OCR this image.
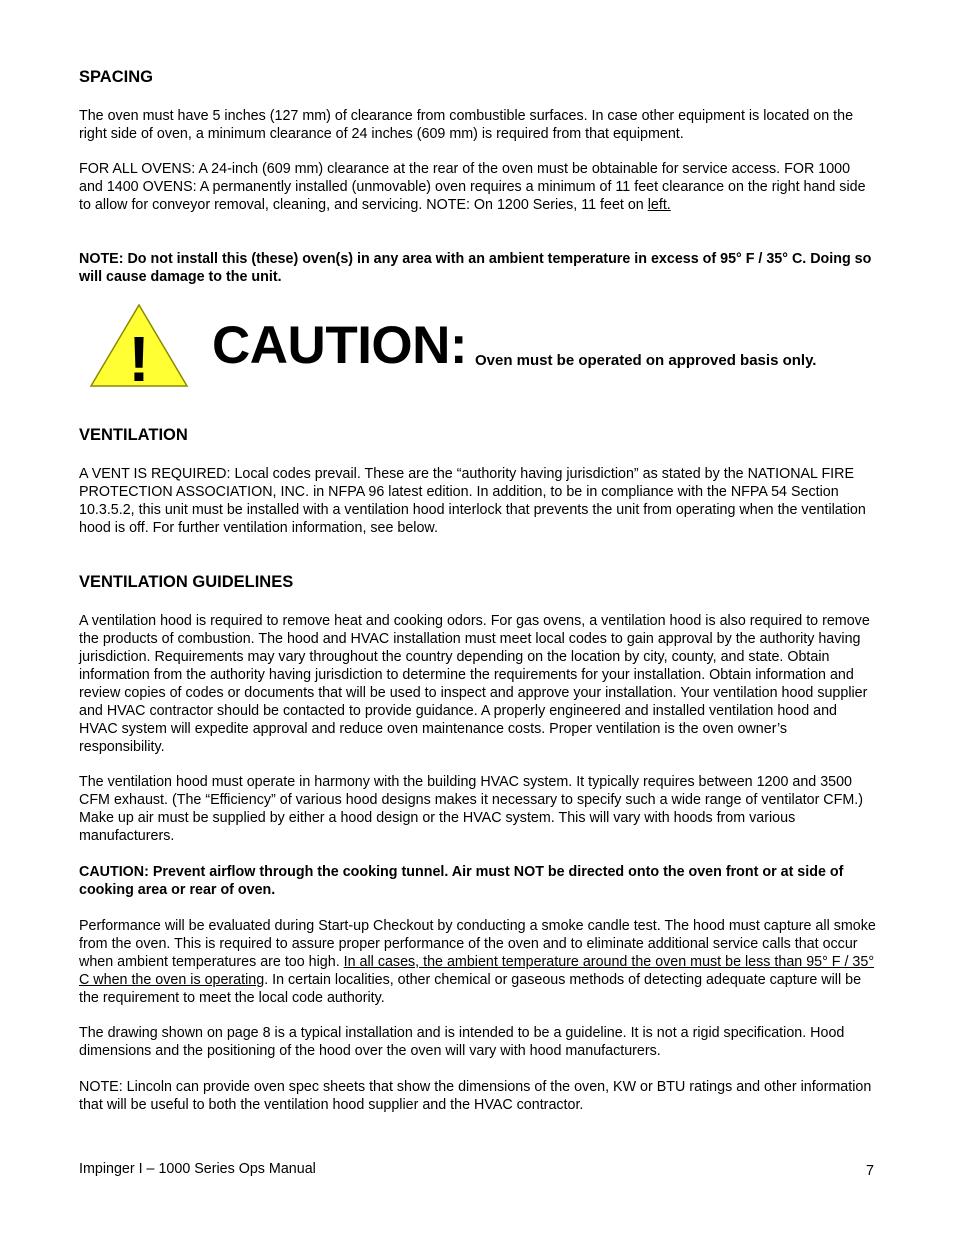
SPACING

The oven must have 5 inches (127 mm) of clearance from combustible surfaces. In case other equipment is located on the right side of oven, a minimum clearance of 24 inches (609 mm) is required from that equipment.

FOR ALL OVENS: A 24-inch (609 mm) clearance at the rear of the oven must be obtainable for service access. FOR 1000 and 1400 OVENS: A permanently installed (unmovable) oven requires a minimum of 11 feet clearance on the right hand side to allow for conveyor removal, cleaning, and servicing. NOTE: On 1200 Series, 11 feet on left.

NOTE: Do not install this (these) oven(s) in any area with an ambient temperature in excess of 95° F / 35° C. Doing so will cause damage to the unit.

! CAUTION: Oven must be operated on approved basis only.
VENTILATION

A VENT IS REQUIRED: Local codes prevail. These are the “authority having jurisdiction” as stated by the NATIONAL FIRE PROTECTION ASSOCIATION, INC. in NFPA 96 latest edition. In addition, to be in compliance with the NFPA 54 Section 10.3.5.2, this unit must be installed with a ventilation hood interlock that prevents the unit from operating when the ventilation hood is off. For further ventilation information, see below.

VENTILATION GUIDELINES

A ventilation hood is required to remove heat and cooking odors. For gas ovens, a ventilation hood is also required to remove the products of combustion. The hood and HVAC installation must meet local codes to gain approval by the authority having jurisdiction. Requirements may vary throughout the country depending on the location by city, county, and state. Obtain information from the authority having jurisdiction to determine the requirements for your installation. Obtain information and review copies of codes or documents that will be used to inspect and approve your installation. Your ventilation hood supplier and HVAC contractor should be contacted to provide guidance. A properly engineered and installed ventilation hood and HVAC system will expedite approval and reduce oven maintenance costs. Proper ventilation is the oven owner’s responsibility.

The ventilation hood must operate in harmony with the building HVAC system. It typically requires between 1200 and 3500 CFM exhaust. (The “Efficiency” of various hood designs makes it necessary to specify such a wide range of ventilator CFM.) Make up air must be supplied by either a hood design or the HVAC system. This will vary with hoods from various manufacturers.

CAUTION: Prevent airflow through the cooking tunnel. Air must NOT be directed onto the oven front or at side of cooking area or rear of oven.

Performance will be evaluated during Start-up Checkout by conducting a smoke candle test. The hood must capture all smoke from the oven. This is required to assure proper performance of the oven and to eliminate additional service calls that occur when ambient temperatures are too high. In all cases, the ambient temperature around the oven must be less than 95° F / 35° C when the oven is operating. In certain localities, other chemical or gaseous methods of detecting adequate capture will be the requirement to meet the local code authority.

The drawing shown on page 8 is a typical installation and is intended to be a guideline. It is not a rigid specification. Hood dimensions and the positioning of the hood over the oven will vary with hood manufacturers.

NOTE: Lincoln can provide oven spec sheets that show the dimensions of the oven, KW or BTU ratings and other information that will be useful to both the ventilation hood supplier and the HVAC contractor.

Impinger I – 1000 Series Ops Manual	7
